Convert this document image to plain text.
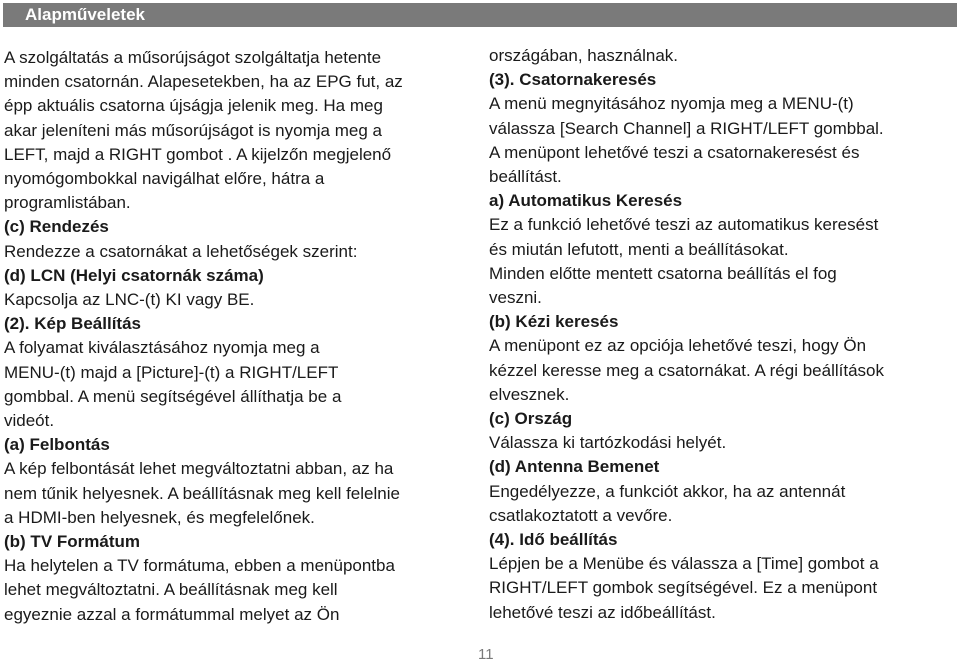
Alapműveletek
A szolgáltatás a műsorújságot szolgáltatja hetente
minden csatornán. Alapesetekben, ha az EPG fut, az
épp aktuális csatorna újságja jelenik meg. Ha meg
akar jeleníteni más műsorújságot is nyomja meg a
LEFT, majd a RIGHT gombot . A kijelzőn megjelenő
nyomógombokkal navigálhat előre, hátra a
programlistában.
(c) Rendezés
Rendezze a csatornákat a lehetőségek szerint:
(d) LCN (Helyi csatornák száma)
Kapcsolja az LNC-(t) KI vagy BE.
(2). Kép Beállítás
A folyamat kiválasztásához nyomja meg a
MENU-(t) majd a [Picture]-(t) a RIGHT/LEFT
gombbal. A menü segítségével állíthatja be a
videót.
(a) Felbontás
A kép felbontását lehet megváltoztatni abban, az ha
nem tűnik helyesnek. A beállításnak meg kell felelnie
a HDMI-ben helyesnek, és megfelelőnek.
(b) TV Formátum
Ha helytelen a TV formátuma, ebben a menüpontba
lehet megváltoztatni. A beállításnak meg kell
egyeznie azzal a formátummal melyet az Ön
országában, használnak.
(3). Csatornakeresés
A menü megnyitásához nyomja meg a MENU-(t)
válassza [Search Channel] a RIGHT/LEFT gombbal.
A menüpont lehetővé teszi a csatornakeresést és
beállítást.
a) Automatikus Keresés
Ez a funkció lehetővé teszi az automatikus keresést
és miután lefutott, menti a beállításokat.
Minden előtte mentett csatorna beállítás el fog
veszni.
(b) Kézi keresés
A menüpont ez az opciója lehetővé teszi, hogy Ön
kézzel keresse meg a csatornákat. A régi beállítások
elvesznek.
(c) Ország
Válassza ki tartózkodási helyét.
(d) Antenna Bemenet
Engedélyezze, a funkciót akkor, ha az antennát
csatlakoztatott a vevőre.
(4). Idő beállítás
Lépjen be a Menübe és válassza a [Time] gombot a
RIGHT/LEFT gombok segítségével. Ez a menüpont
lehetővé teszi az időbeállítást.
11
